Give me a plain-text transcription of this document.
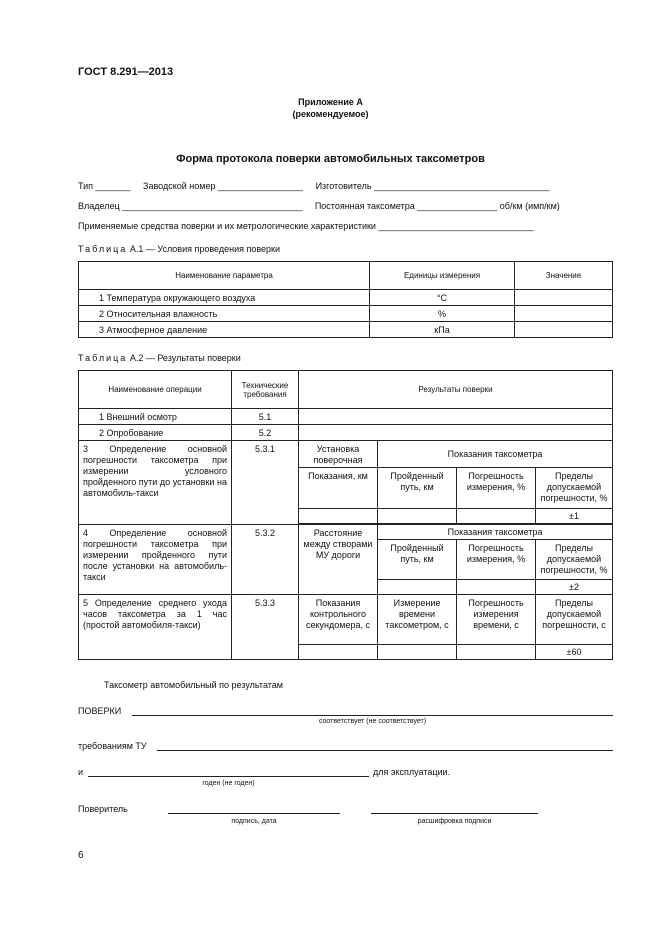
ГОСТ 8.291—2013
Приложение А
(рекомендуемое)
Форма протокола поверки автомобильных таксометров
Тип _______     Заводской номер _________________     Изготовитель ___________________________________
Владелец ____________________________________     Постоянная таксометра ________________ об/км (имп/км)
Применяемые средства поверки и их метрологические характеристики _______________________________
Таблица А.1 — Условия проведения поверки
Наименование параметра	Единицы измерения	Значение
1 Температура окружающего воздуха	°C	
2 Относительная влажность	%	
3 Атмосферное давление	кПа	
Таблица А.2 — Результаты поверки
Наименование операции	Технические требования	Результаты поверки			
1 Внешний осмотр	5.1				
2 Опробование	5.2				
3 Определение основной погрешности таксометра при измерении условного пройденного пути до установки на автомобиль-такси	5.3.1	Установка поверочная	Показания таксометра		
		Показания, км	Пройденный путь, км	Погрешность измерения, %	Пределы допускаемой погрешности, %
					±1

4 Определение основной погрешности таксометра при измерении пройденного пути после установки на автомобиль-такси	5.3.2	Расстояние между створами МУ дороги	Показания таксометра		
			Пройденный путь, км	Погрешность измерения, %	Пределы допускаемой погрешности, %
					±2
5 Определение среднего ухода часов таксометра за 1 час (простой автомобиля-такси)	5.3.3	Показания контрольного секундомера, с	Измерение времени таксометром, с	Погрешность измерения времени, с	Пределы допускаемой погрешности, с
					±60
Таксометр автомобильный по результатам
ПОВЕРКИ
соответствует (не соответствует)
требованиям ТУ
и	для эксплуатации.
годен (не годен)
Поверитель
подпись, дата	расшифровка подписи
6
